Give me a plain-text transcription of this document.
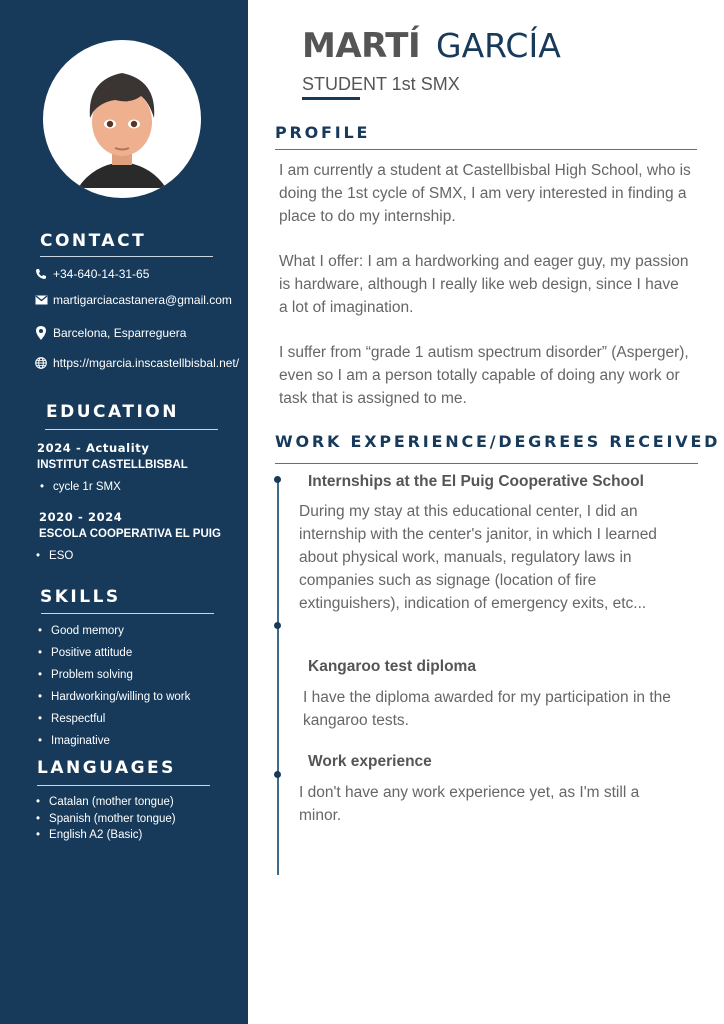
CONTACT
+34-640-14-31-65
martigarciacastanera@gmail.com
Barcelona, Esparreguera
https://mgarcia.inscastellbisbal.net/
EDUCATION
2024 - Actuality
INSTITUT CASTELLBISBAL
• cycle 1r SMX
2020 - 2024
ESCOLA COOPERATIVA EL PUIG
• ESO
SKILLS
• Good memory
• Positive attitude
• Problem solving
• Hardworking/willing to work
• Respectful
• Imaginative
LANGUAGES
• Catalan (mother tongue)
• Spanish (mother tongue)
• English A2 (Basic)
MARTÍ GARCÍA
STUDENT 1st SMX
PROFILE
I am currently a student at Castellbisbal High School, who is doing the 1st cycle of SMX, I am very interested in finding a place to do my internship.
What I offer: I am a hardworking and eager guy, my passion is hardware, although I really like web design, since I have a lot of imagination.
I suffer from “grade 1 autism spectrum disorder” (Asperger), even so I am a person totally capable of doing any work or task that is assigned to me.
WORK EXPERIENCE/DEGREES RECEIVED
Internships at the El Puig Cooperative School
During my stay at this educational center, I did an internship with the center's janitor, in which I learned about physical work, manuals, regulatory laws in companies such as signage (location of fire extinguishers), indication of emergency exits, etc...
Kangaroo test diploma
I have the diploma awarded for my participation in the kangaroo tests.
Work experience
I don't have any work experience yet, as I'm still a minor.
